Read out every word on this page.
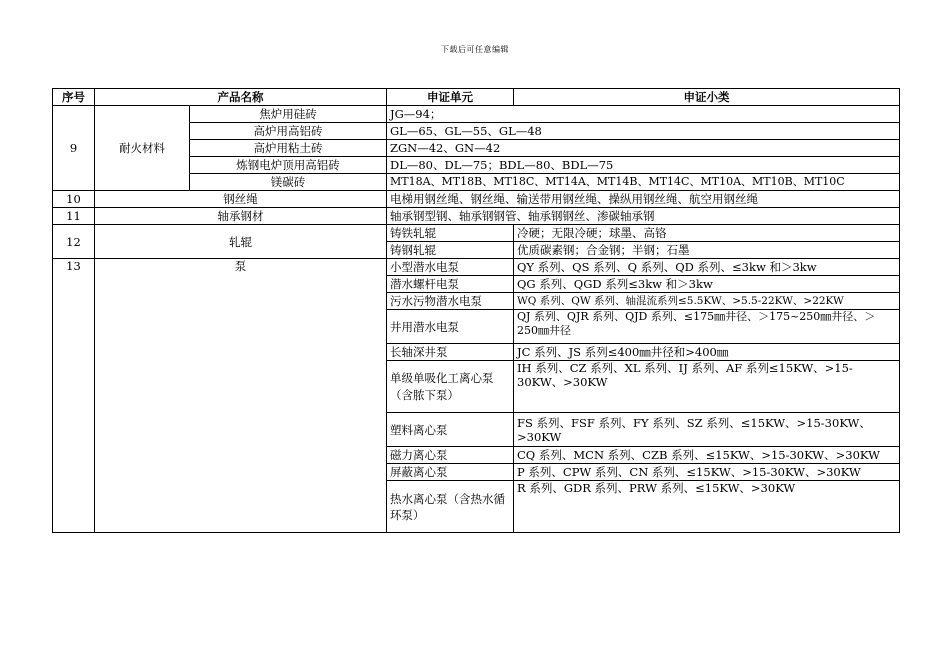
下载后可任意编辑
序号	产品名称		申证单元	申证小类
9	耐火材料	焦炉用硅砖	JG—94；	
		高炉用高铝砖	GL—65、GL—55、GL—48	
		高炉用粘土砖	ZGN—42、GN—42	
		炼钢电炉顶用高铝砖	DL—80、DL—75；BDL—80、BDL—75	
		镁碳砖	MT18A、MT18B、MT18C、MT14A、MT14B、MT14C、MT10A、MT10B、MT10C	
10	钢丝绳		电梯用钢丝绳、钢丝绳、输送带用钢丝绳、操纵用钢丝绳、航空用钢丝绳	
11	轴承钢材		轴承钢型钢、轴承钢钢管、轴承钢钢丝、渗碳轴承钢	
12	轧辊		铸铁轧辊	冷硬；无限冷硬；球墨、高铬
			铸钢轧辊	优质碳素钢；合金钢；半钢；石墨
13	泵		小型潜水电泵	QY 系列、QS 系列、Q 系列、QD 系列、≤3kw 和＞3kw
			潜水螺杆电泵	QG 系列、QGD 系列≤3kw 和＞3kw
			污水污物潜水电泵	WQ 系列、QW 系列、轴混流系列≤5.5KW、>5.5-22KW、>22KW
			井用潜水电泵	QJ 系列、QJR 系列、QJD 系列、≤175㎜井径、＞175~250㎜井径、＞250㎜井径
			长轴深井泵	JC 系列、JS 系列≤400㎜井径和>400㎜
			单级单吸化工离心泵（含脓下泵）	IH 系列、CZ 系列、XL 系列、IJ 系列、AF 系列≤15KW、>15-30KW、>30KW
			塑料离心泵	FS 系列、FSF 系列、FY 系列、SZ 系列、≤15KW、>15-30KW、>30KW
			磁力离心泵	CQ 系列、MCN 系列、CZB 系列、≤15KW、>15-30KW、>30KW
			屏蔽离心泵	P 系列、CPW 系列、CN 系列、≤15KW、>15-30KW、>30KW
			热水离心泵（含热水循环泵）	R 系列、GDR 系列、PRW 系列、≤15KW、>30KW
